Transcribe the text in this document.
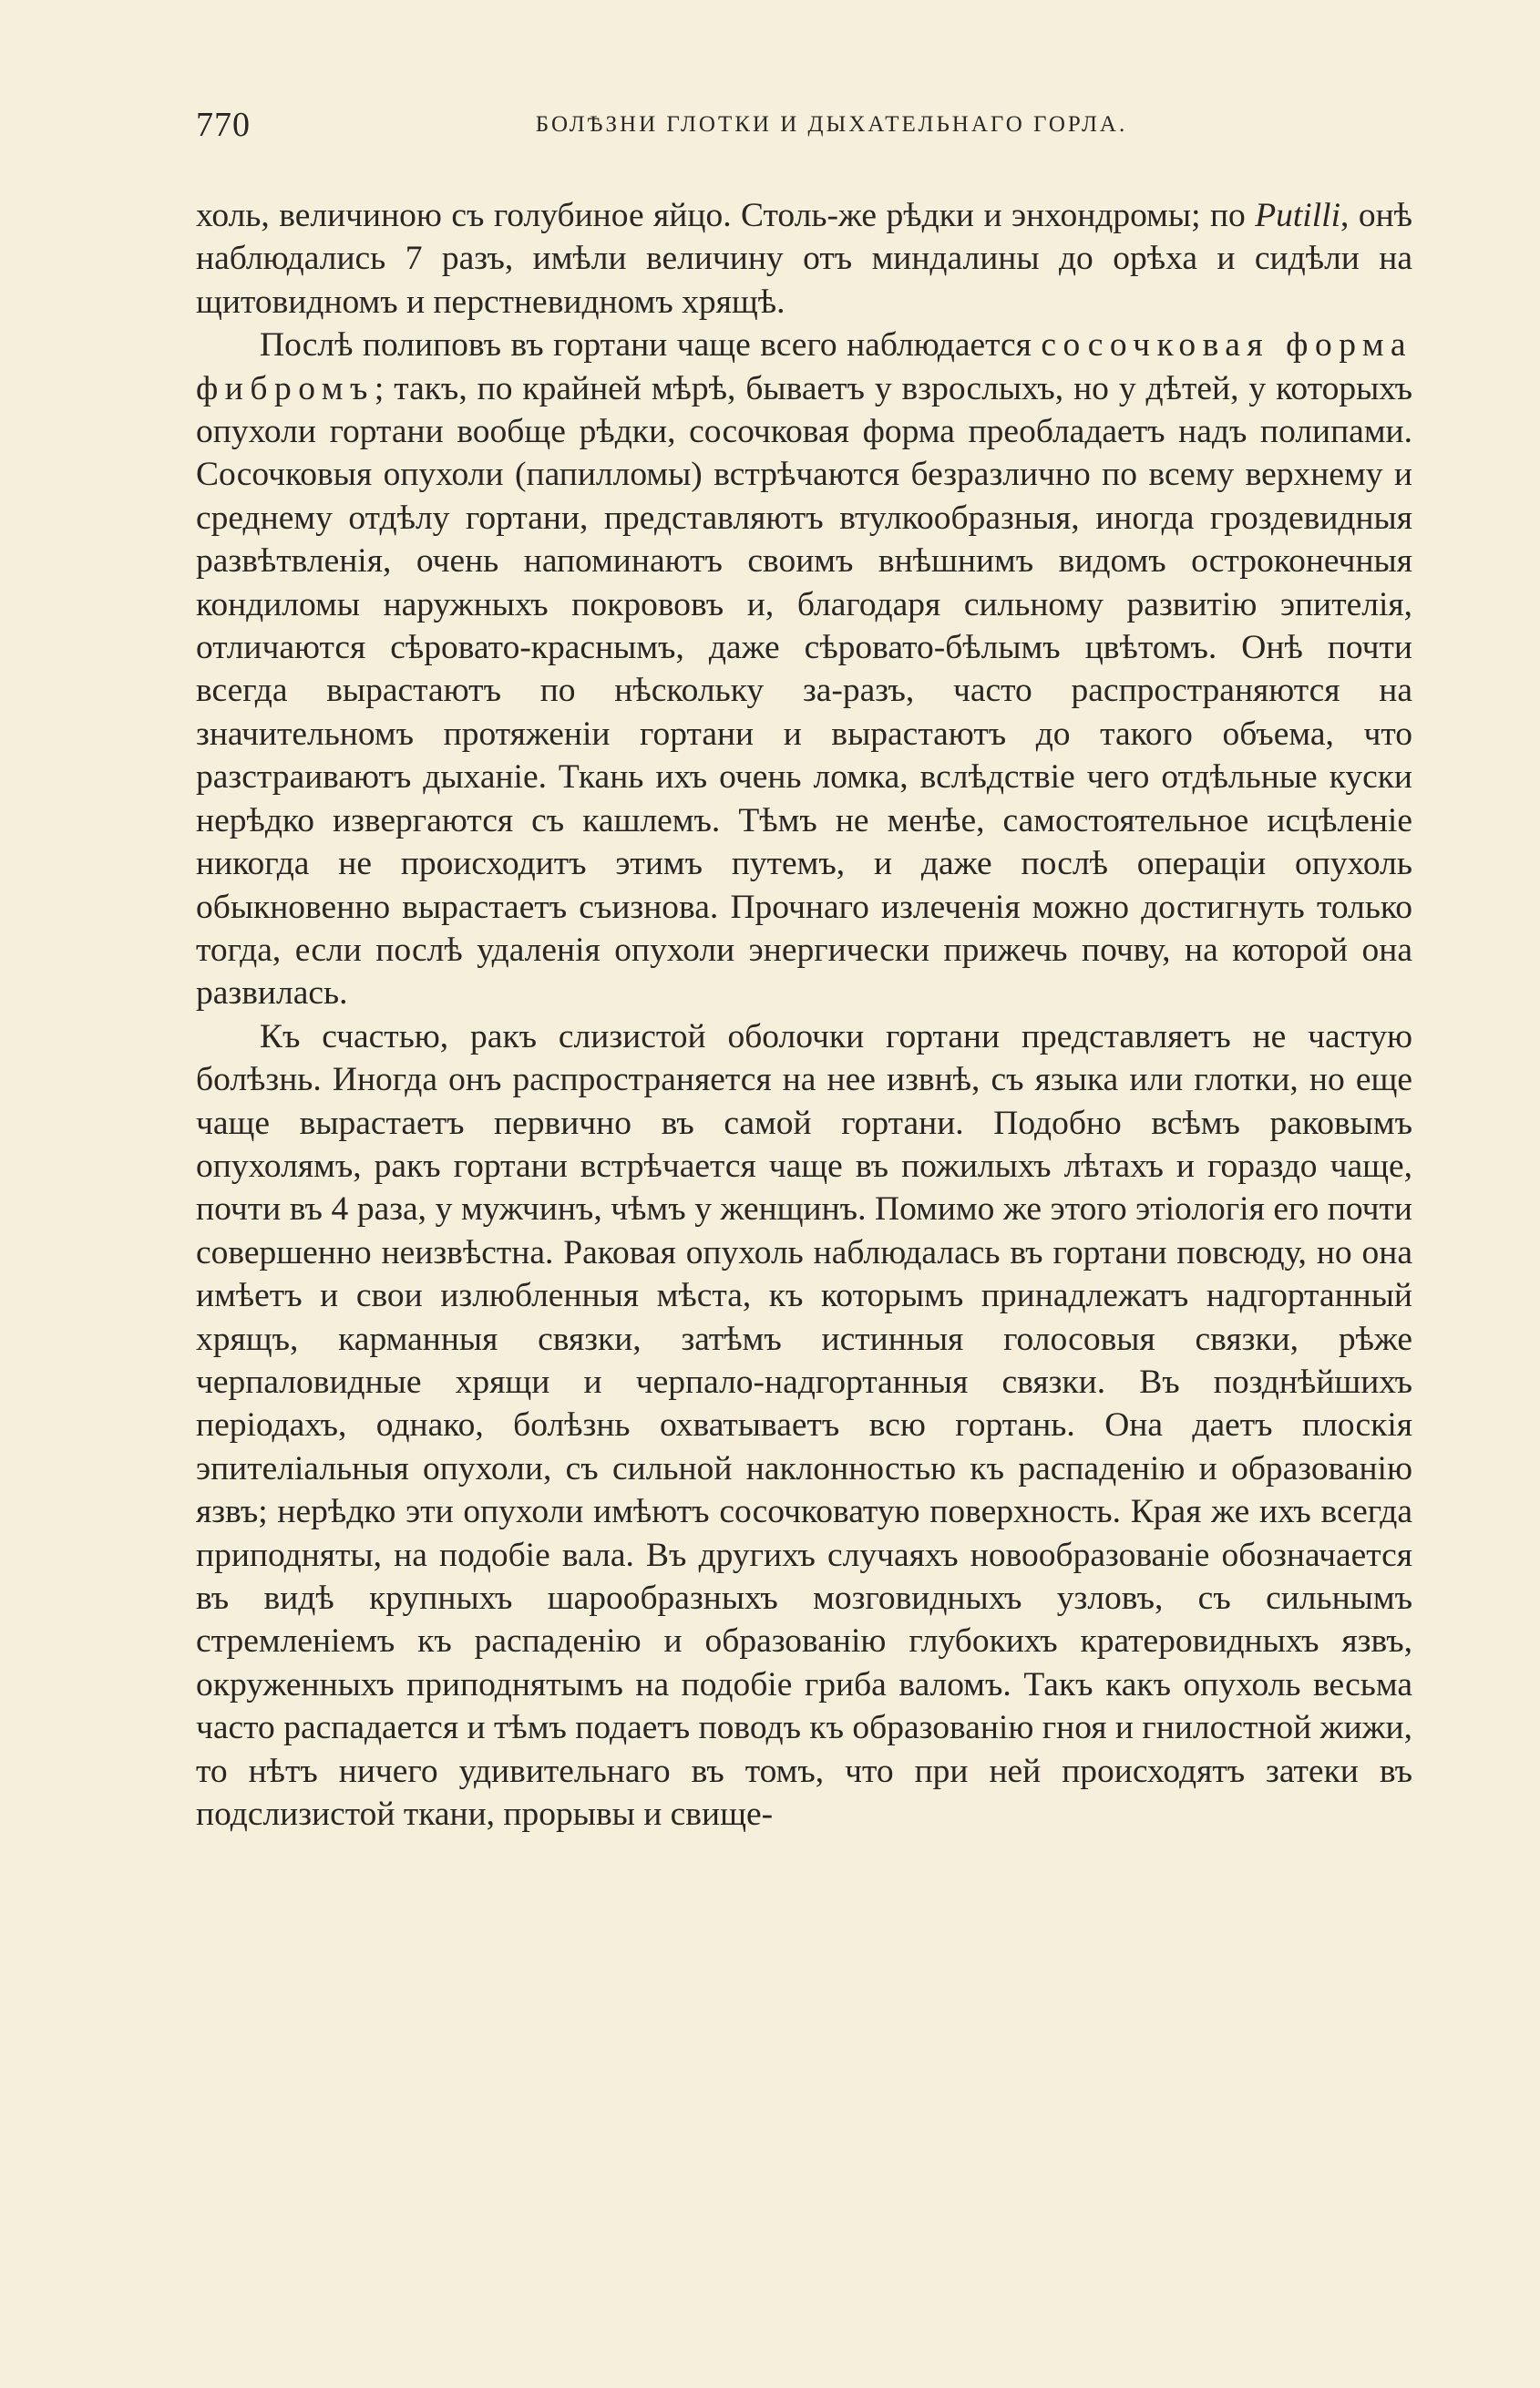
770	БОЛѢЗНИ ГЛОТКИ И ДЫХАТЕЛЬНАГО ГОРЛА.

холь, величиною съ голубиное яйцо. Столь-же рѣдки и энхондромы; по Putilli, онѣ наблюдались 7 разъ, имѣли величину отъ миндалины до орѣха и сидѣли на щитовидномъ и перстневидномъ хрящѣ.

Послѣ полиповъ въ гортани чаще всего наблюдается сосочковая форма фибромъ; такъ, по крайней мѣрѣ, бываетъ у взрослыхъ, но у дѣтей, у которыхъ опухоли гортани вообще рѣдки, сосочковая форма преобладаетъ надъ полипами. Сосочковыя опухоли (папилломы) встрѣчаются безразлично по всему верхнему и среднему отдѣлу гортани, представляютъ втулкообразныя, иногда гроздевидныя развѣтвленія, очень напоминаютъ своимъ внѣшнимъ видомъ остроконечныя кондиломы наружныхъ покрововъ и, благодаря сильному развитію эпителія, отличаются сѣровато-краснымъ, даже сѣровато-бѣлымъ цвѣтомъ. Онѣ почти всегда вырастаютъ по нѣскольку за-разъ, часто распространяются на значительномъ протяженіи гортани и вырастаютъ до такого объема, что разстраиваютъ дыханіе. Ткань ихъ очень ломка, вслѣдствіе чего отдѣльные куски нерѣдко извергаются съ кашлемъ. Тѣмъ не менѣе, самостоятельное исцѣленіе никогда не происходитъ этимъ путемъ, и даже послѣ операціи опухоль обыкновенно вырастаетъ съизнова. Прочнаго излеченія можно достигнуть только тогда, если послѣ удаленія опухоли энергически прижечь почву, на которой она развилась.

Къ счастью, ракъ слизистой оболочки гортани представляетъ не частую болѣзнь. Иногда онъ распространяется на нее извнѣ, съ языка или глотки, но еще чаще вырастаетъ первично въ самой гортани. Подобно всѣмъ раковымъ опухолямъ, ракъ гортани встрѣчается чаще въ пожилыхъ лѣтахъ и гораздо чаще, почти въ 4 раза, у мужчинъ, чѣмъ у женщинъ. Помимо же этого этіологія его почти совершенно неизвѣстна. Раковая опухоль наблюдалась въ гортани повсюду, но она имѣетъ и свои излюбленныя мѣста, къ которымъ принадлежатъ надгортанный хрящъ, карманныя связки, затѣмъ истинныя голосовыя связки, рѣже черпаловидные хрящи и черпало-надгортанныя связки. Въ позднѣйшихъ періодахъ, однако, болѣзнь охватываетъ всю гортань. Она даетъ плоскія эпителіальныя опухоли, съ сильной наклонностью къ распаденію и образованію язвъ; нерѣдко эти опухоли имѣютъ сосочковатую поверхность. Края же ихъ всегда приподняты, на подобіе вала. Въ другихъ случаяхъ новообразованіе обозначается въ видѣ крупныхъ шарообразныхъ мозговидныхъ узловъ, съ сильнымъ стремленіемъ къ распаденію и образованію глубокихъ кратеровидныхъ язвъ, окруженныхъ приподнятымъ на подобіе гриба валомъ. Такъ какъ опухоль весьма часто распадается и тѣмъ подаетъ поводъ къ образованію гноя и гнилостной жижи, то нѣтъ ничего удивительнаго въ томъ, что при ней происходятъ затеки въ подслизистой ткани, прорывы и свище-
